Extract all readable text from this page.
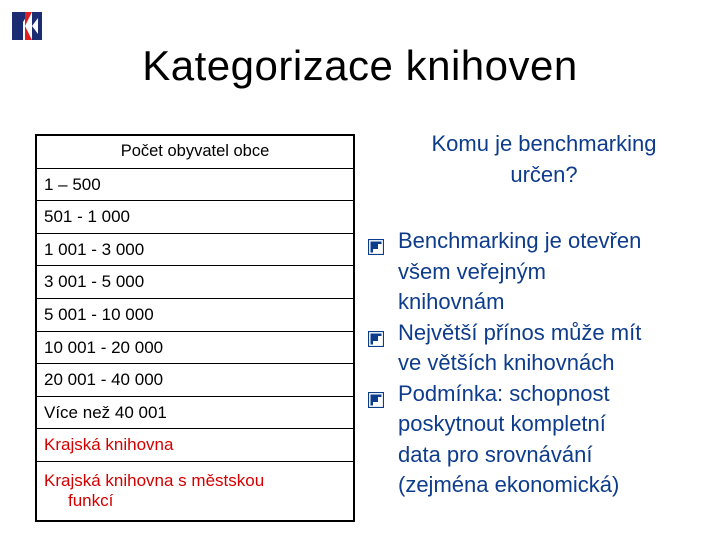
Kategorizace knihoven
Počet obyvatel obce
1 – 500
501 - 1 000
1 001 - 3 000
3 001 - 5 000
5 001 - 10 000
10 001 - 20 000
20 001 - 40 000
Více než 40 001
Krajská knihovna
Krajská knihovna s městskou
funkcí
Komu je benchmarking
určen?
Benchmarking je otevřen
všem veřejným
knihovnám
Největší přínos může mít
ve větších knihovnách
Podmínka: schopnost
poskytnout kompletní
data pro srovnávání
(zejména ekonomická)
